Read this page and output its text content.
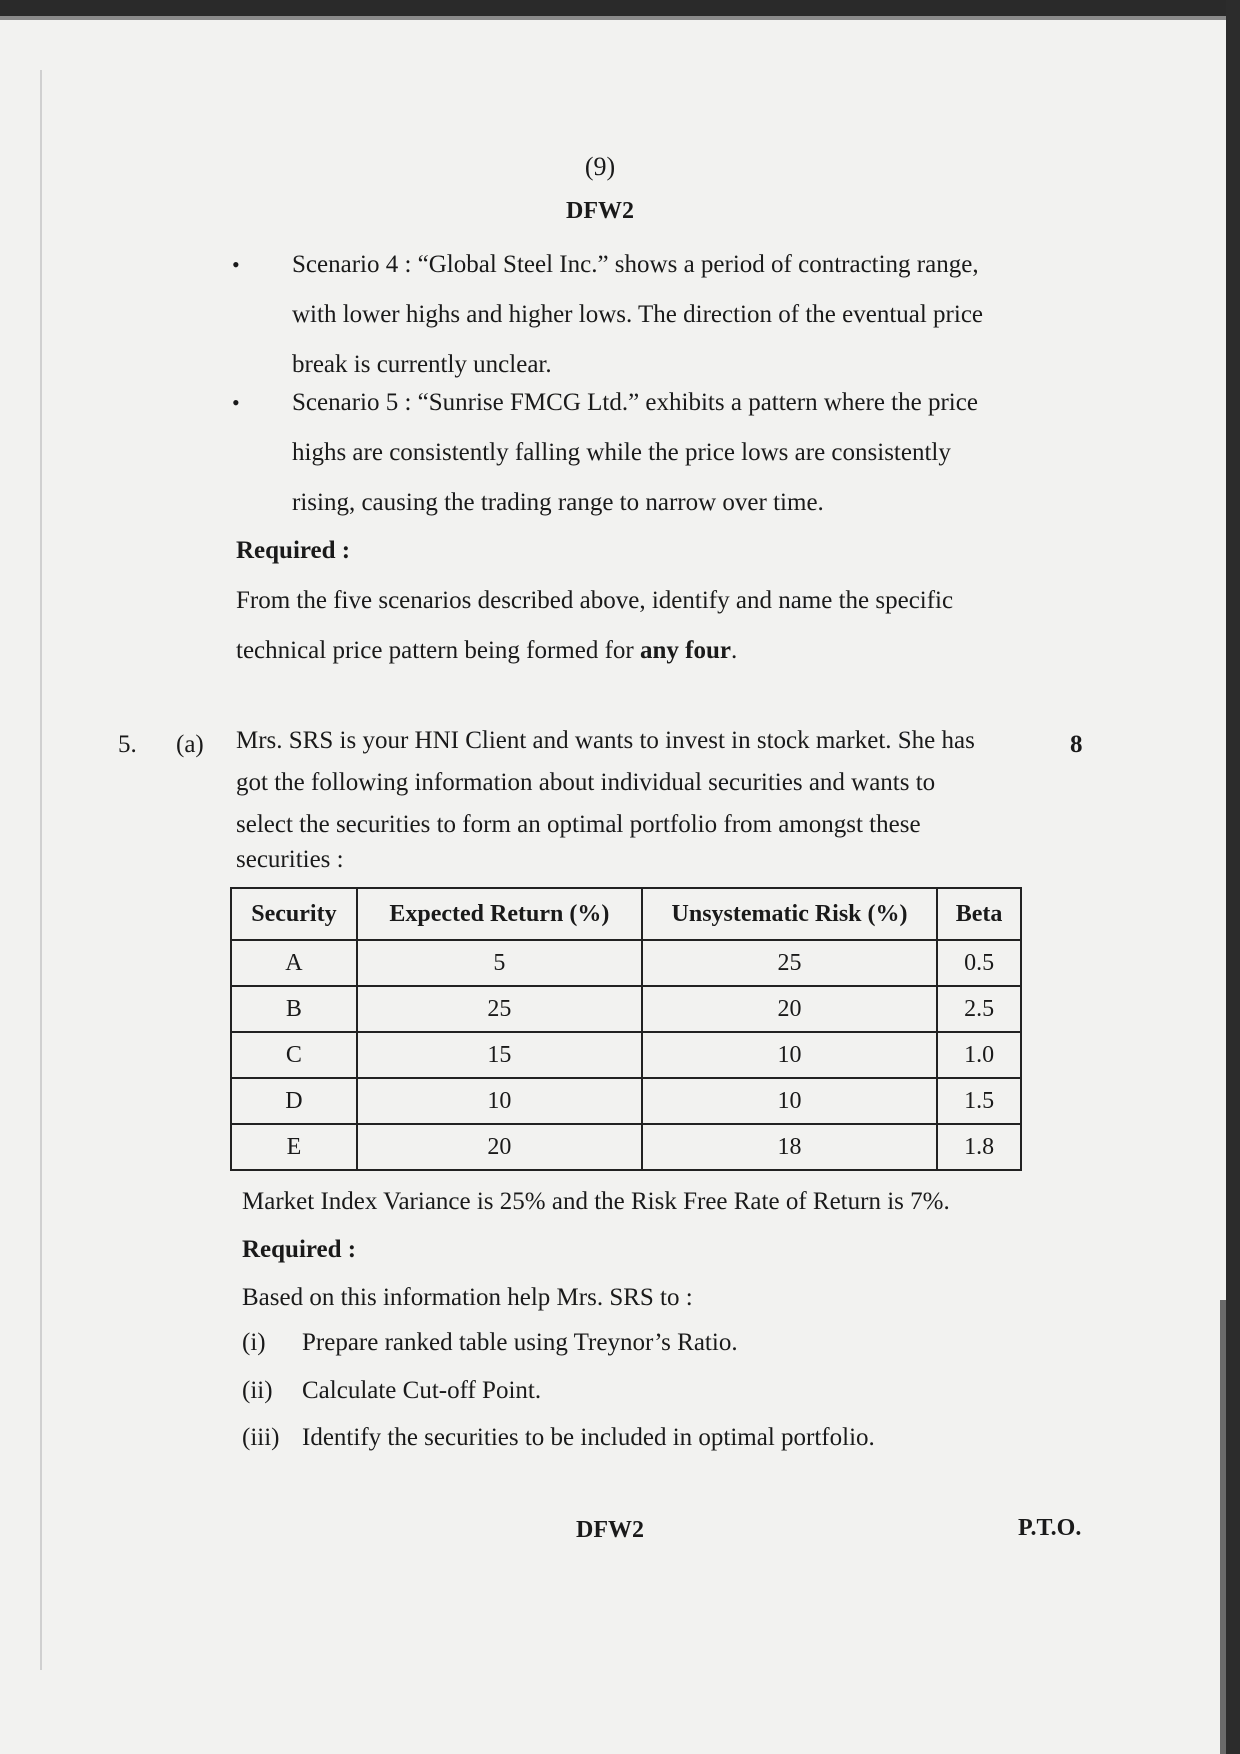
(9)
DFW2
• Scenario 4 : “Global Steel Inc.” shows a period of contracting range,
with lower highs and higher lows. The direction of the eventual price
break is currently unclear.
• Scenario 5 : “Sunrise FMCG Ltd.” exhibits a pattern where the price
highs are consistently falling while the price lows are consistently
rising, causing the trading range to narrow over time.
Required :
From the five scenarios described above, identify and name the specific
technical price pattern being formed for any four.
5. (a)	8
Mrs. SRS is your HNI Client and wants to invest in stock market. She has
got the following information about individual securities and wants to
select the securities to form an optimal portfolio from amongst these
securities :
Security	Expected Return (%)	Unsystematic Risk (%)	Beta
A	5	25	0.5
B	25	20	2.5
C	15	10	1.0
D	10	10	1.5
E	20	18	1.8
Market Index Variance is 25% and the Risk Free Rate of Return is 7%.
Required :
Based on this information help Mrs. SRS to :
(i) Prepare ranked table using Treynor’s Ratio.
(ii) Calculate Cut-off Point.
(iii) Identify the securities to be included in optimal portfolio.
DFW2	P.T.O.
